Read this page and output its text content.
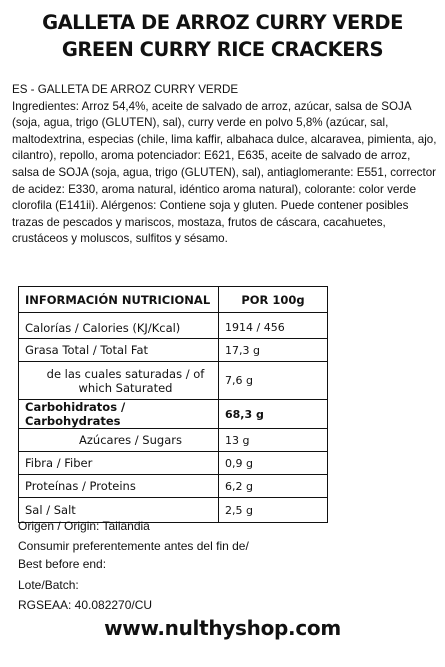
GALLETA DE ARROZ CURRY VERDE
GREEN CURRY RICE CRACKERS

ES - GALLETA DE ARROZ CURRY VERDE

Ingredientes: Arroz 54,4%, aceite de salvado de arroz, azúcar, salsa de SOJA (soja, agua, trigo (GLUTEN), sal), curry verde en polvo 5,8% (azúcar, sal, maltodextrina, especias (chile, lima kaffir, albahaca dulce, alcaravea, pimienta, ajo, cilantro), repollo, aroma potenciador: E621, E635, aceite de salvado de arroz, salsa de SOJA (soja, agua, trigo (GLUTEN), sal), antiaglomerante: E551, corrector de acidez: E330, aroma natural, idéntico aroma natural), colorante: color verde clorofila (E141ii). Alérgenos: Contiene soja y gluten. Puede contener posibles trazas de pescados y mariscos, mostaza, frutos de cáscara, cacahuetes, crustáceos y moluscos, sulfitos y sésamo.

INFORMACIÓN NUTRICIONAL	POR 100g
Calorías / Calories (KJ/Kcal)	1914 / 456
Grasa Total / Total Fat	17,3 g
de las cuales saturadas / of which Saturated	7,6 g
Carbohidratos / Carbohydrates	68,3 g
Azúcares / Sugars	13 g
Fibra / Fiber	0,9 g
Proteínas / Proteins	6,2 g
Sal / Salt	2,5 g
Origen / Origin: Tailandia
Consumir preferentemente antes del fin de/
Best before end:
Lote/Batch:
RGSEAA: 40.082270/CU
www.nulthyshop.com
